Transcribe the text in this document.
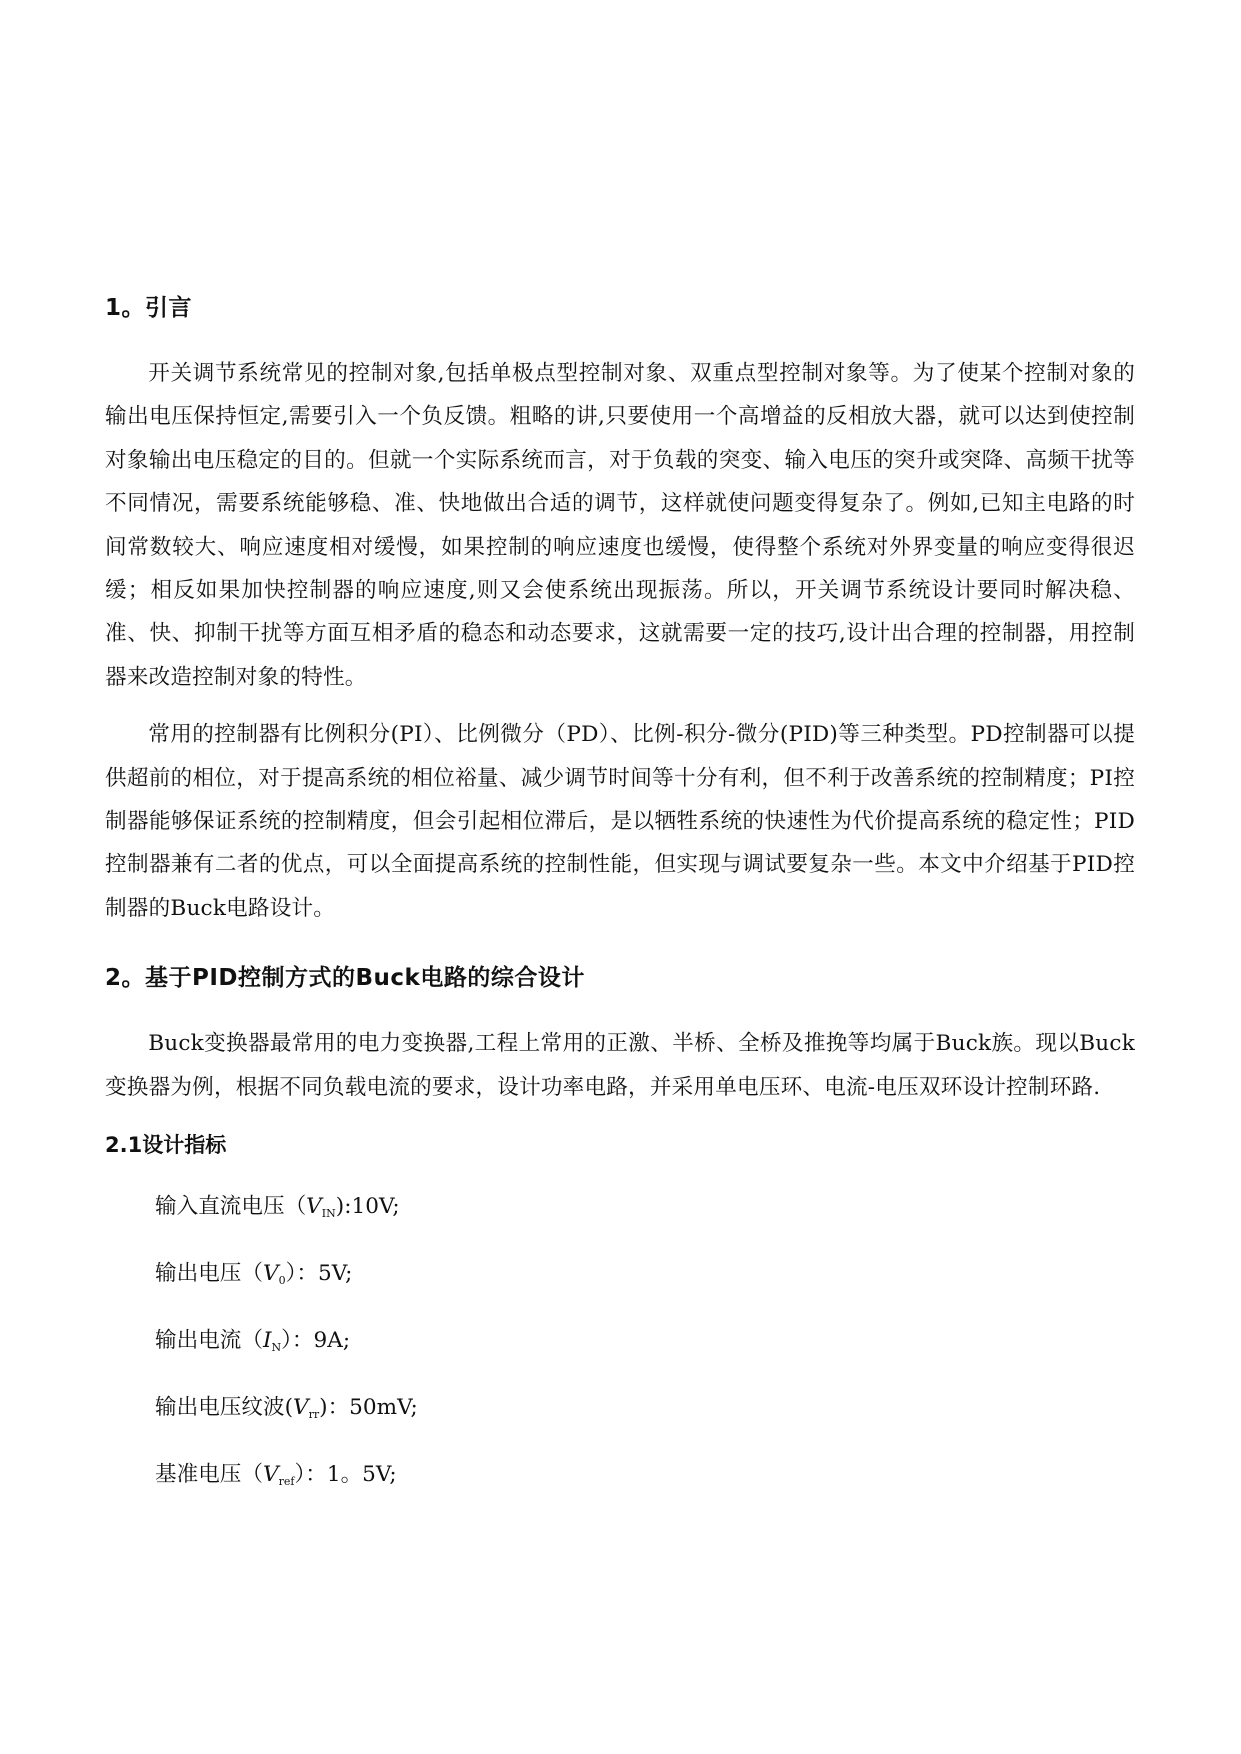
1。引言

开关调节系统常见的控制对象,包括单极点型控制对象、双重点型控制对象等。为了使某个控制对象的输出电压保持恒定,需要引入一个负反馈。粗略的讲,只要使用一个高增益的反相放大器，就可以达到使控制对象输出电压稳定的目的。但就一个实际系统而言，对于负载的突变、输入电压的突升或突降、高频干扰等不同情况，需要系统能够稳、准、快地做出合适的调节，这样就使问题变得复杂了。例如,已知主电路的时间常数较大、响应速度相对缓慢，如果控制的响应速度也缓慢，使得整个系统对外界变量的响应变得很迟缓；相反如果加快控制器的响应速度,则又会使系统出现振荡。所以，开关调节系统设计要同时解决稳、准、快、抑制干扰等方面互相矛盾的稳态和动态要求，这就需要一定的技巧,设计出合理的控制器，用控制器来改造控制对象的特性。

常用的控制器有比例积分(PI）、比例微分（PD）、比例-积分-微分(PID)等三种类型。PD控制器可以提供超前的相位，对于提高系统的相位裕量、减少调节时间等十分有利，但不利于改善系统的控制精度；PI控制器能够保证系统的控制精度，但会引起相位滞后，是以牺牲系统的快速性为代价提高系统的稳定性；PID控制器兼有二者的优点，可以全面提高系统的控制性能，但实现与调试要复杂一些。本文中介绍基于PID控制器的Buck电路设计。

2。基于PID控制方式的Buck电路的综合设计

Buck变换器最常用的电力变换器,工程上常用的正激、半桥、全桥及推挽等均属于Buck族。现以Buck变换器为例，根据不同负载电流的要求，设计功率电路，并采用单电压环、电流-电压双环设计控制环路.

2.1设计指标

输入直流电压$(V_{IN}):10V$;

输出电压$(V_0)$：5V;

输出电流$(I_N)$：9A;

输出电压纹波$(V_{rr})$：50mV;

基准电压$(V_{ref})$：1。5V;
